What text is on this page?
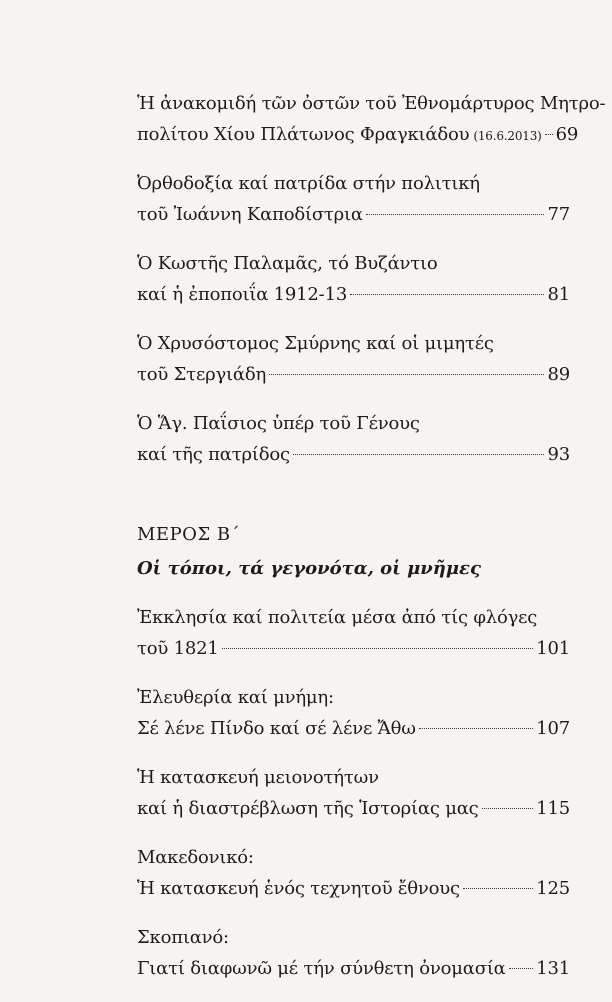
Ἡ ἀνακομιδή τῶν ὀστῶν τοῦ Ἐθνομάρτυρος Μητρο-
πολίτου Χίου Πλάτωνος Φραγκιάδου (16.6.2013) 69
Ὀρθοδοξία καί πατρίδα στήν πολιτική
τοῦ Ἰωάννη Καποδίστρια	77
Ὁ Κωστῆς Παλαμᾶς, τό Βυζάντιο
καί ἡ ἐποποιΐα 1912-13	81
Ὁ Χρυσόστομος Σμύρνης καί οἱ μιμητές
τοῦ Στεργιάδη	89
Ὁ Ἅγ. Παΐσιος ὑπέρ τοῦ Γένους
καί τῆς πατρίδος	93
ΜΕΡΟΣ Β΄
Οἱ τόποι, τά γεγονότα, οἱ μνῆμες
Ἐκκλησία καί πολιτεία μέσα ἀπό τίς φλόγες
τοῦ 1821	101
Ἐλευθερία καί μνήμη:
Σέ λένε Πίνδο καί σέ λένε Ἄθω	107
Ἡ κατασκευή μειονοτήτων
καί ἡ διαστρέβλωση τῆς Ἱστορίας μας	115
Μακεδονικό:
Ἡ κατασκευή ἑνός τεχνητοῦ ἔθνους	125
Σκοπιανό:
Γιατί διαφωνῶ μέ τήν σύνθετη ὀνομασία 131
